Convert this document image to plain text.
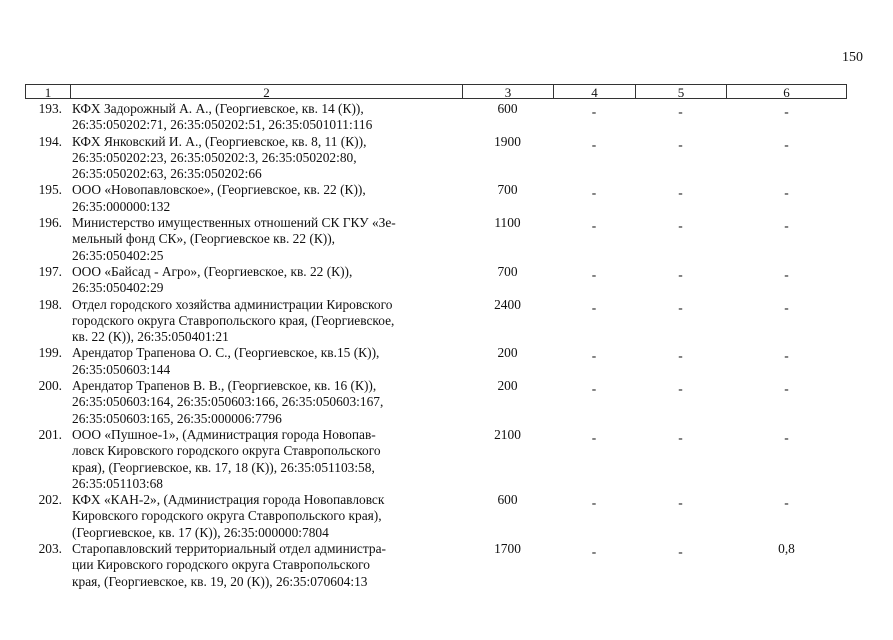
150
1	2	3	4	5	6
193. КФХ Задорожный А. А., (Георгиевское, кв. 14 (К)),
26:35:050202:71, 26:35:050202:51, 26:35:0501011:116
600	-	-	-
194. КФХ Янковский И. А., (Георгиевское, кв. 8, 11 (К)),
26:35:050202:23, 26:35:050202:3, 26:35:050202:80,
26:35:050202:63, 26:35:050202:66
1900	-	-	-
195. ООО «Новопавловское», (Георгиевское, кв. 22 (К)),
26:35:000000:132
700	-	-	-
196. Министерство имущественных отношений СК ГКУ «Зе-
мельный фонд СК», (Георгиевское кв. 22 (К)),
26:35:050402:25
1100	-	-	-
197. ООО «Байсад - Агро», (Георгиевское, кв. 22 (К)),
26:35:050402:29
700	-	-	-
198. Отдел городского хозяйства администрации Кировского
городского округа Ставропольского края, (Георгиевское,
кв. 22 (К)), 26:35:050401:21
2400	-	-	-
199. Арендатор Трапенова О. С., (Георгиевское, кв.15 (К)),
26:35:050603:144
200	-	-	-
200. Арендатор Трапенов В. В., (Георгиевское, кв. 16 (К)),
26:35:050603:164, 26:35:050603:166, 26:35:050603:167,
26:35:050603:165, 26:35:000006:7796
200	-	-	-
201. ООО «Пушное-1», (Администрация города Новопав-
ловск Кировского городского округа Ставропольского
края), (Георгиевское, кв. 17, 18 (К)), 26:35:051103:58,
26:35:051103:68
2100	-	-	-
202. КФХ «КАН-2», (Администрация города Новопавловск
Кировского городского округа Ставропольского края),
(Георгиевское, кв. 17 (К)), 26:35:000000:7804
600	-	-	-
203. Старопавловский территориальный отдел администра-
ции Кировского городского округа Ставропольского
края, (Георгиевское, кв. 19, 20 (К)), 26:35:070604:13
1700	-	-	0,8
